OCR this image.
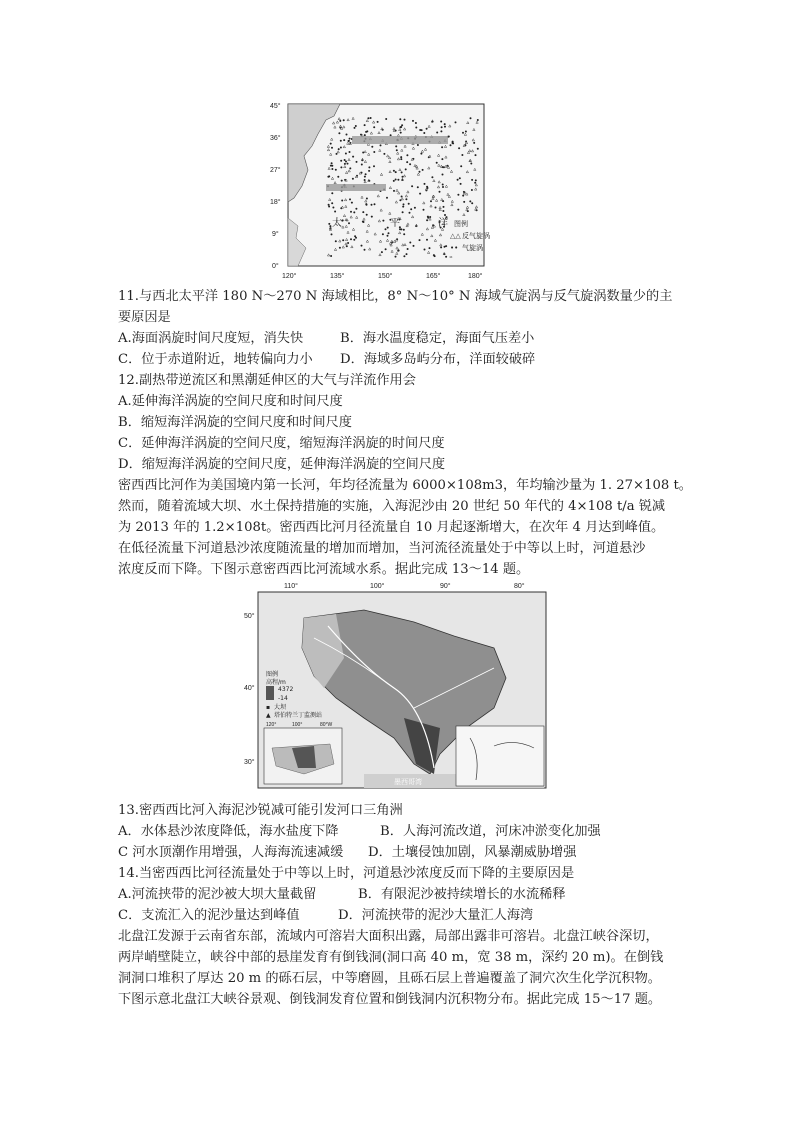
45°
36°
27°
18°
9°
0°
120°	135°	150°	165°	180°
太	平	洋 图例
△△ 反气旋涡
•• 气旋涡
11.与西北太平洋 180 N～270 N 海域相比，8° N～10° N 海域气旋涡与反气旋涡数量少的主
要原因是
A.海面涡旋时间尺度短，消失快	B．海水温度稳定，海面气压差小
C．位于赤道附近，地转偏向力小 D．海域多岛屿分布，洋面较破碎
12.副热带逆流区和黑潮延伸区的大气与洋流作用会
A.延伸海洋涡旋的空间尺度和时间尺度
B．缩短海洋涡旋的空间尺度和时间尺度
C．延伸海洋涡旋的空间尺度，缩短海洋涡旋的时间尺度
D．缩短海洋涡旋的空间尺度，延伸海洋涡旋的空间尺度
密西西比河作为美国境内第一长河，年均径流量为 6000×108m3，年均输沙量为 1. 27×108 t。
然而，随着流域大坝、水土保持措施的实施，入海泥沙由 20 世纪 50 年代的 4×108 t/a 锐减
为 2013 年的 1.2×108t。密西西比河月径流量自 10 月起逐渐增大，在次年 4 月达到峰值。
在低径流量下河道悬沙浓度随流量的增加而增加，当河流径流量处于中等以上时，河道悬沙
浓度反而下降。下图示意密西西比河流域水系。据此完成 13～14 题。
110°	100°	90°	80°
50°
40°
30°
图例
高程/m
4372
-14
▪ 大坝
▲ 塔伯特兰丁监测站
120°	100°	80°W
墨西哥湾
13.密西西比河入海泥沙锐减可能引发河口三角洲
A．水体悬沙浓度降低，海水盐度下降	B．人海河流改道，河床冲淤变化加强
C 河水顶潮作用增强，人海海流速减缓 D．土壤侵蚀加剧，风暴潮威胁增强
14.当密西西比河径流量处于中等以上时，河道悬沙浓度反而下降的主要原因是
A.河流挟带的泥沙被大坝大量截留	B．有限泥沙被持续增长的水流稀释
C．支流汇入的泥沙量达到峰值	D．河流挟带的泥沙大量汇人海湾
北盘江发源于云南省东部，流域内可溶岩大面积出露，局部出露非可溶岩。北盘江峡谷深切，
两岸峭壁陡立，峡谷中部的悬崖发育有倒钱洞(洞口高 40 m，宽 38 m，深约 20 m)。在倒钱
洞洞口堆积了厚达 20 m 的砾石层，中等磨圆，且砾石层上普遍覆盖了洞穴次生化学沉积物。
下图示意北盘江大峡谷景观、倒钱洞发育位置和倒钱洞内沉积物分布。据此完成 15～17 题。
